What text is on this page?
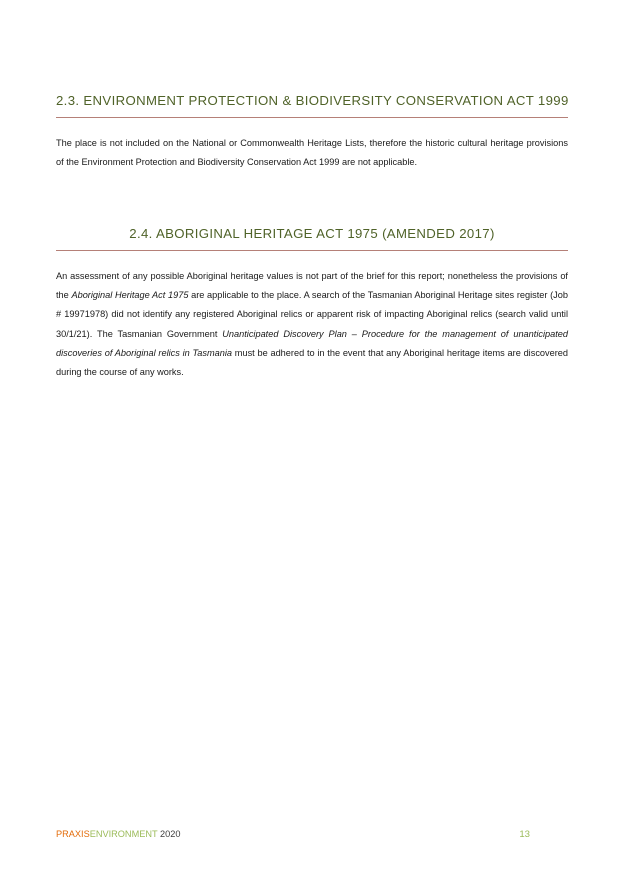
2.3. ENVIRONMENT PROTECTION & BIODIVERSITY CONSERVATION ACT 1999

The place is not included on the National or Commonwealth Heritage Lists, therefore the historic cultural heritage provisions of the Environment Protection and Biodiversity Conservation Act 1999 are not applicable.

2.4. ABORIGINAL HERITAGE ACT 1975 (AMENDED 2017)

An assessment of any possible Aboriginal heritage values is not part of the brief for this report; nonetheless the provisions of the Aboriginal Heritage Act 1975 are applicable to the place. A search of the Tasmanian Aboriginal Heritage sites register (Job # 19971978) did not identify any registered Aboriginal relics or apparent risk of impacting Aboriginal relics (search valid until 30/1/21). The Tasmanian Government Unanticipated Discovery Plan – Procedure for the management of unanticipated discoveries of Aboriginal relics in Tasmania must be adhered to in the event that any Aboriginal heritage items are discovered during the course of any works.

PRAXISENVIRONMENT 2020	13
